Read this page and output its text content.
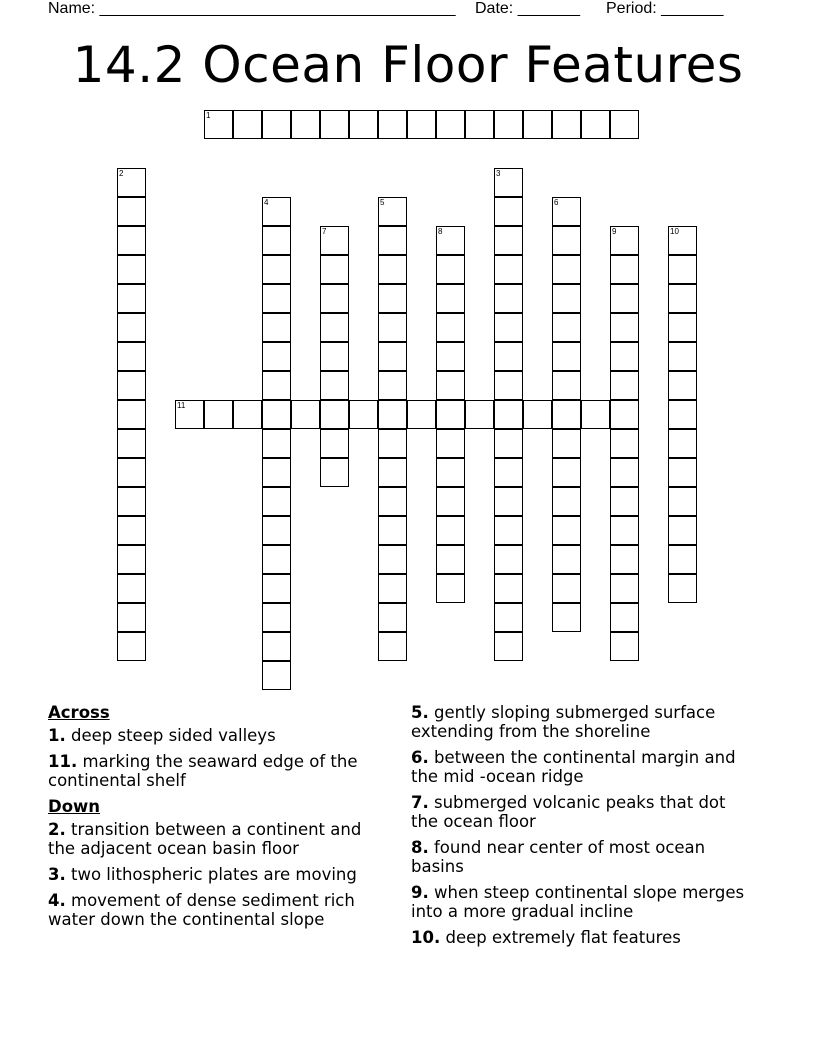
Name: ________________________________________

Date: _______

Period: _______

14.2 Ocean Floor Features
1
2	3
4	5	6
7	8	9	10
11
Across
1. deep steep sided valleys
11. marking the seaward edge of the continental shelf
Down
2. transition between a continent and the adjacent ocean basin floor
3. two lithospheric plates are moving
4. movement of dense sediment rich water down the continental slope
5. gently sloping submerged surface extending from the shoreline
6. between the continental margin and the mid -ocean ridge
7. submerged volcanic peaks that dot the ocean floor
8. found near center of most ocean basins
9. when steep continental slope merges into a more gradual incline
10. deep extremely flat features
